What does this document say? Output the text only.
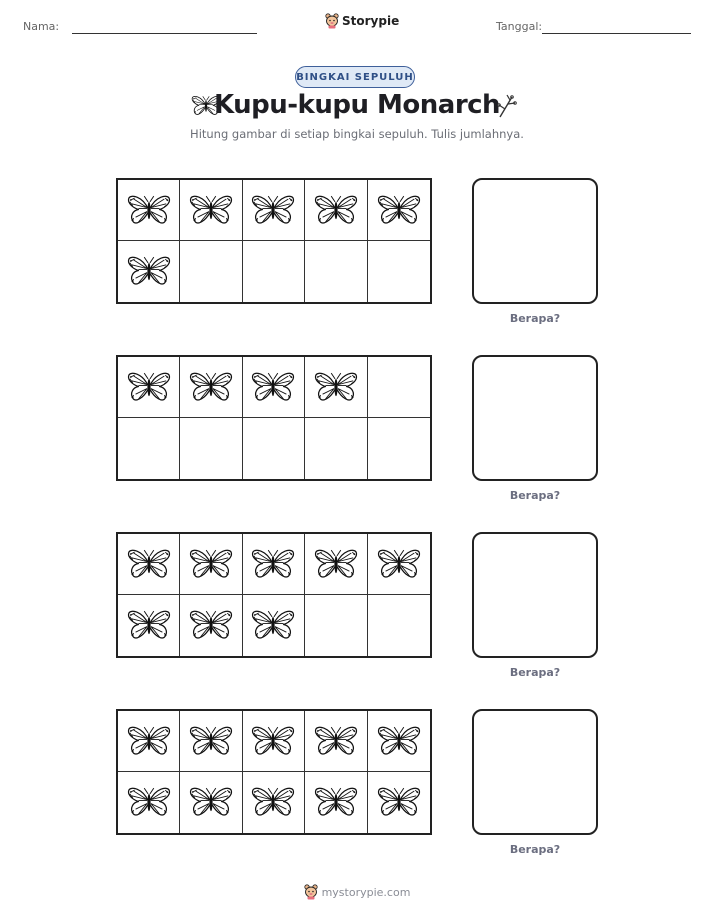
Nama:	Storypie	Tanggal:
BINGKAI SEPULUH
Kupu-kupu Monarch
Hitung gambar di setiap bingkai sepuluh. Tulis jumlahnya.
Berapa?
Berapa?
Berapa?
Berapa?
mystorypie.com
